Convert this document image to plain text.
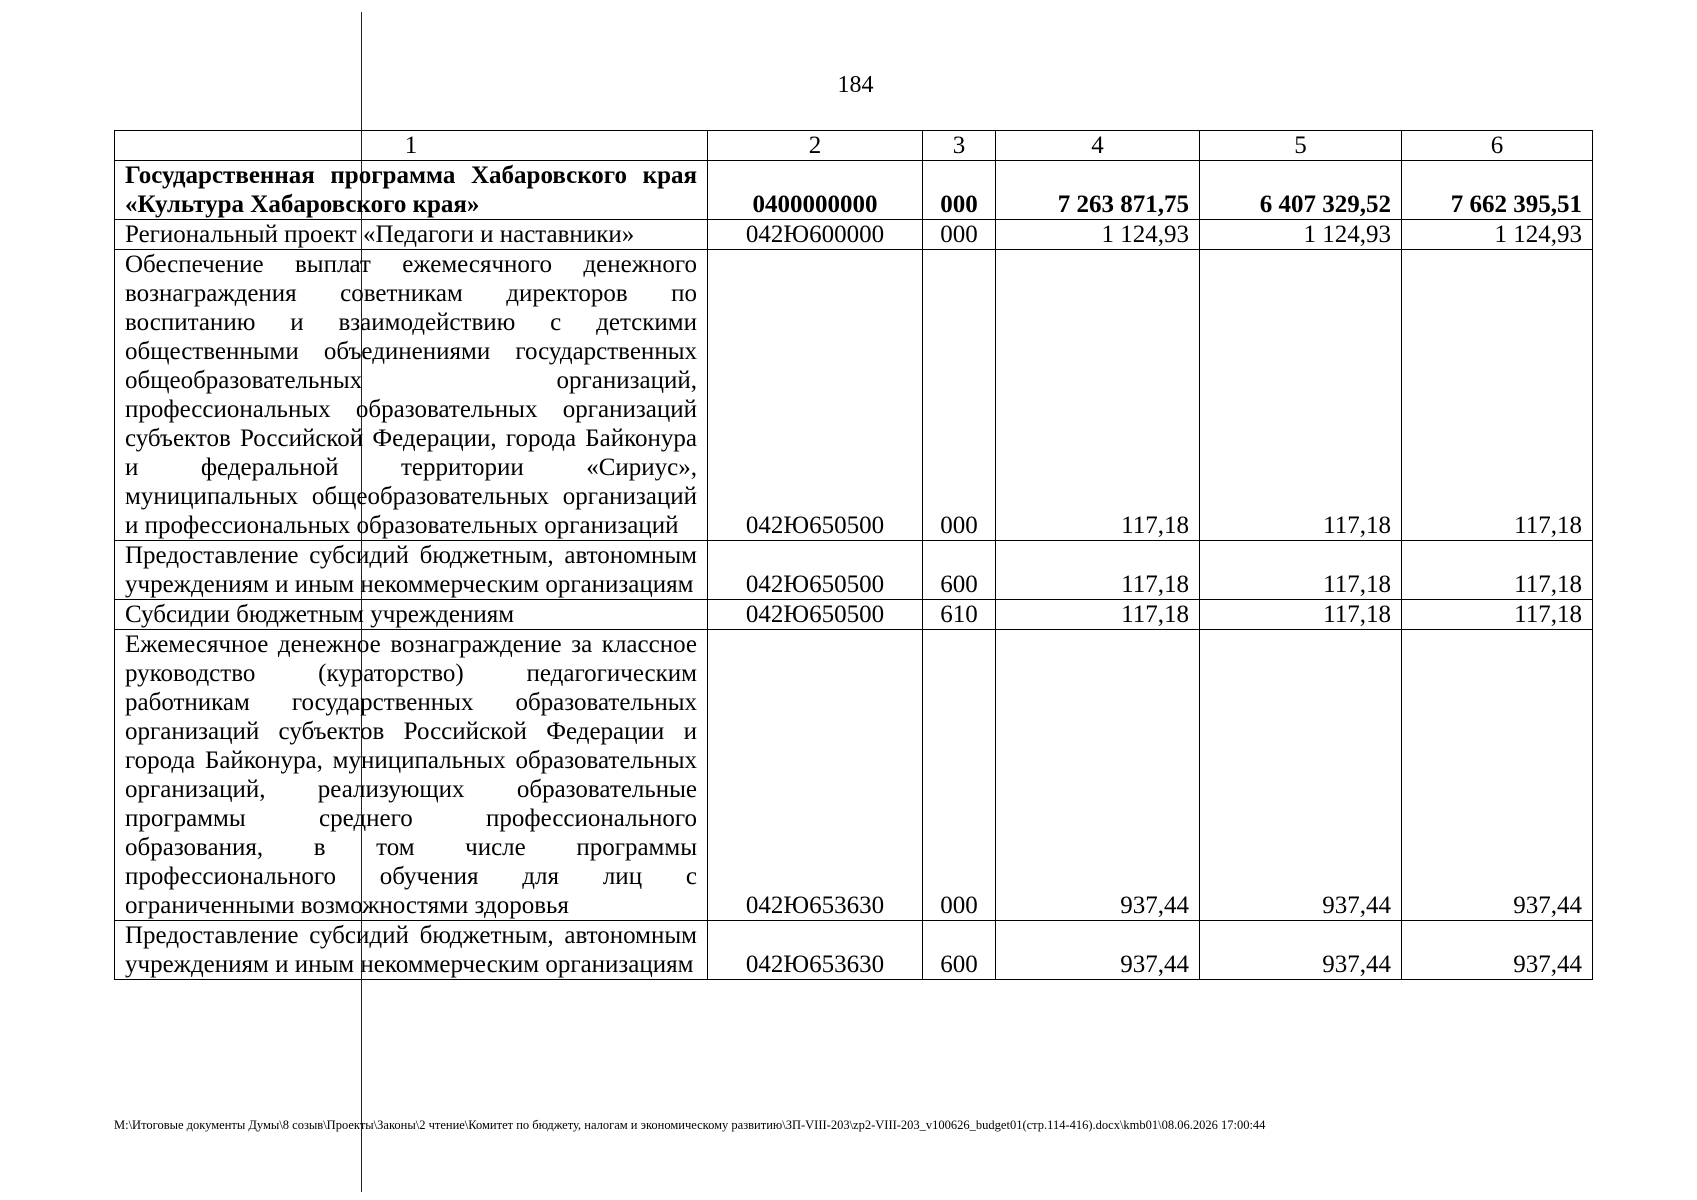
184
1	2	3	4	5	6
Государственная программа Хабаровского края «Культура Хабаровского края»	0400000000	000	7 263 871,75	6 407 329,52	7 662 395,51
Региональный проект «Педагоги и наставники»	042Ю600000	000	1 124,93	1 124,93	1 124,93
Обеспечение выплат ежемесячного денежного вознаграждения советникам директоров по воспитанию и взаимодействию с детскими общественными объединениями государственных общеобразовательных организаций, профессиональных образовательных организаций субъектов Российской Федерации, города Байконура и федеральной территории «Сириус», муниципальных общеобразовательных организаций и профессиональных образовательных организаций	042Ю650500	000	117,18	117,18	117,18
Предоставление субсидий бюджетным, автономным учреждениям и иным некоммерческим организациям	042Ю650500	600	117,18	117,18	117,18
Субсидии бюджетным учреждениям	042Ю650500	610	117,18	117,18	117,18
Ежемесячное денежное вознаграждение за классное руководство (кураторство) педагогическим работникам государственных образовательных организаций субъектов Российской Федерации и города Байконура, муниципальных образовательных организаций, реализующих образовательные программы среднего профессионального образования, в том числе программы профессионального обучения для лиц с ограниченными возможностями здоровья	042Ю653630	000	937,44	937,44	937,44
Предоставление субсидий бюджетным, автономным учреждениям и иным некоммерческим организациям	042Ю653630	600	937,44	937,44	937,44
M:\Итоговые документы Думы\8 созыв\Проекты\Законы\2 чтение\Комитет по бюджету, налогам и экономическому развитию\ЗП-VIII-203\zp2-VIII-203_v100626_budget01(стр.114-416).docx\kmb01\08.06.2026 17:00:44
